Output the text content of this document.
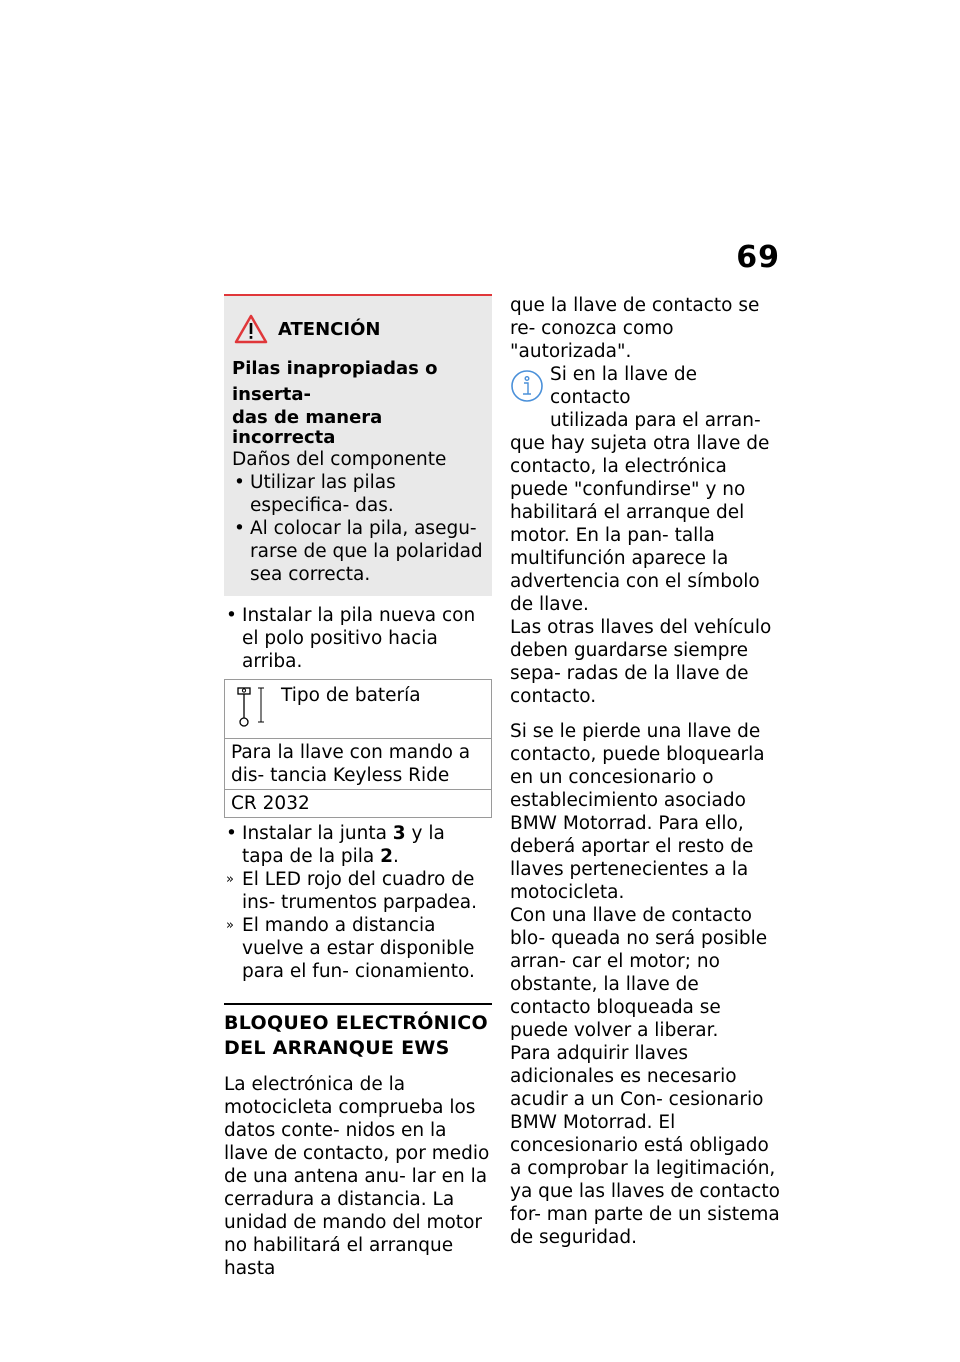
69
ATENCIÓN
Pilas inapropiadas o inserta-
das de manera incorrecta
Daños del componente
• Utilizar las pilas especifica- das.
• Al colocar la pila, asegu- rarse de que la polaridad sea correcta.
• Instalar la pila nueva con el polo positivo hacia arriba.
Tipo de batería
Para la llave con mando a dis- tancia Keyless Ride
CR 2032
• Instalar la junta 3 y la tapa de la pila 2.
» El LED rojo del cuadro de ins- trumentos parpadea.
» El mando a distancia vuelve a estar disponible para el fun- cionamiento.
BLOQUEO ELECTRÓNICO
DEL ARRANQUE EWS

La electrónica de la motocicleta comprueba los datos conte- nidos en la llave de contacto, por medio de una antena anu- lar en la cerradura a distancia. La unidad de mando del motor no habilitará el arranque hasta

que la llave de contacto se re- conozca como "autorizada".

Si en la llave de contacto
utilizada para el arran-
que hay sujeta otra llave de contacto, la electrónica puede "confundirse" y no habilitará el arranque del motor. En la pan- talla multifunción aparece la advertencia con el símbolo de llave.

Las otras llaves del vehículo deben guardarse siempre sepa- radas de la llave de contacto.

Si se le pierde una llave de contacto, puede bloquearla en un concesionario o establecimiento asociado BMW Motorrad. Para ello, deberá aportar el resto de llaves pertenecientes a la motocicleta.

Con una llave de contacto blo- queada no será posible arran- car el motor; no obstante, la llave de contacto bloqueada se puede volver a liberar.

Para adquirir llaves adicionales es necesario acudir a un Con- cesionario BMW Motorrad. El concesionario está obligado a comprobar la legitimación, ya que las llaves de contacto for- man parte de un sistema de seguridad.
